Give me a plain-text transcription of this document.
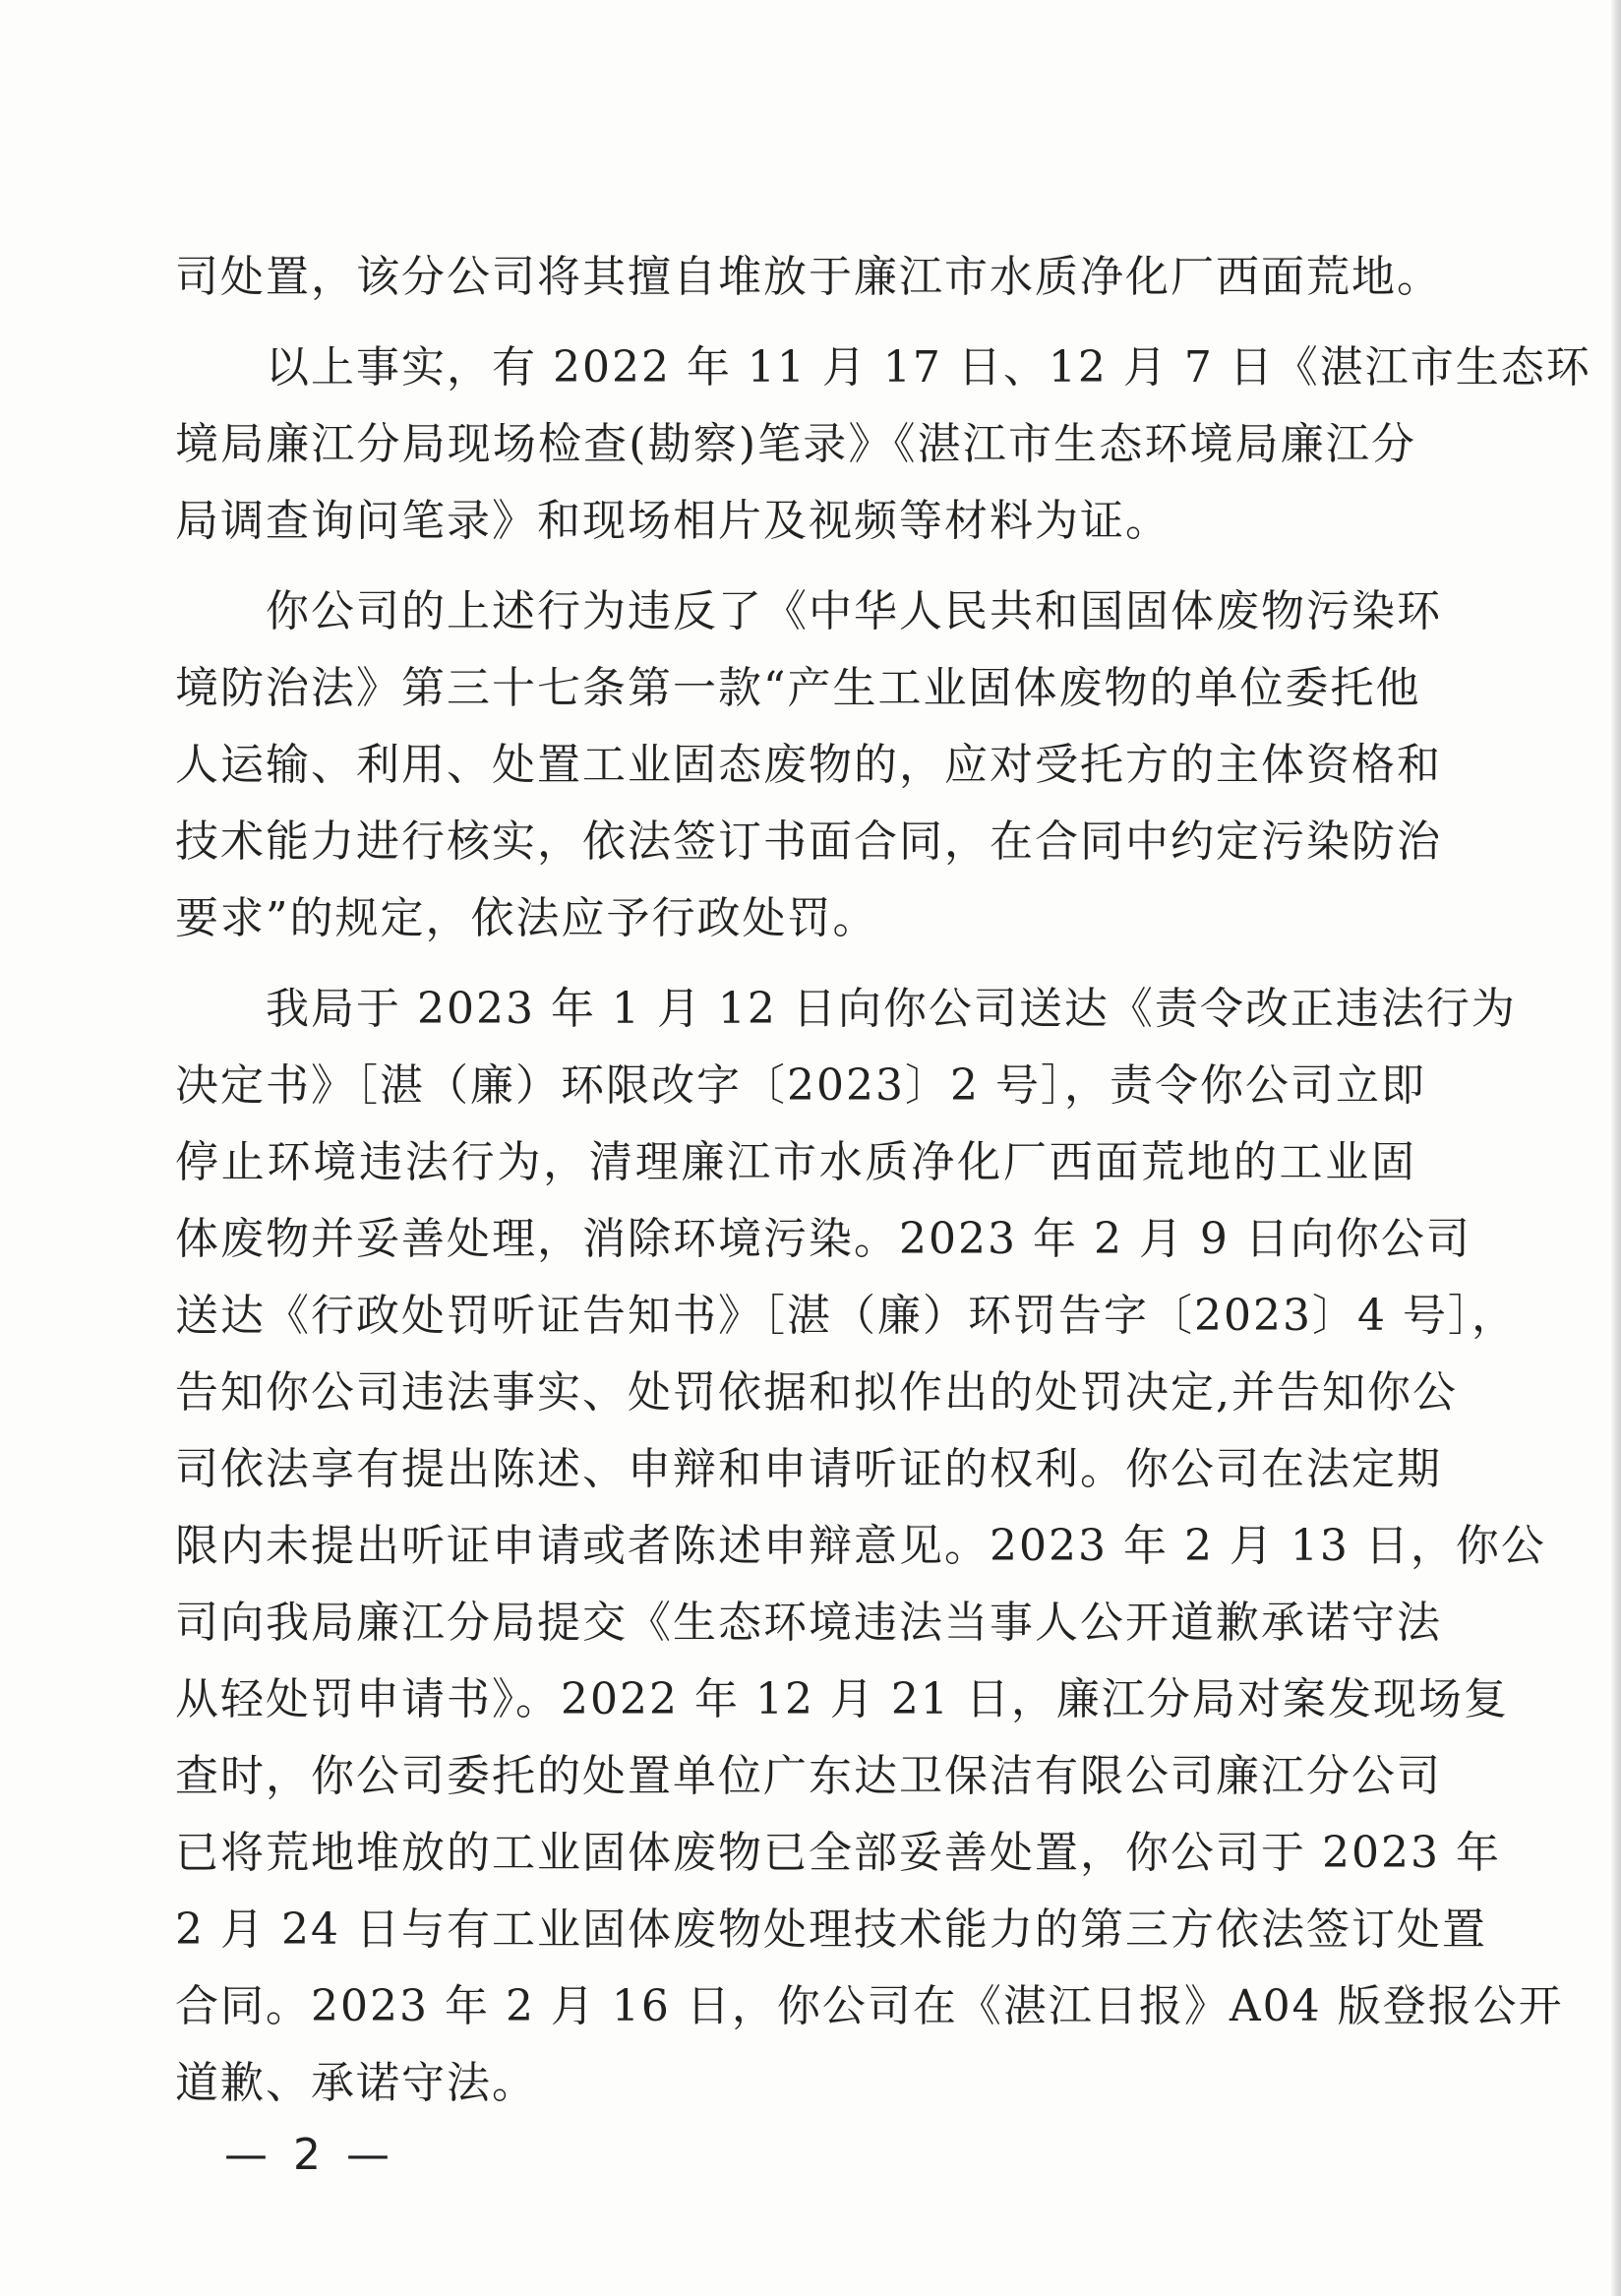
司处置，该分公司将其擅自堆放于廉江市水质净化厂西面荒地。
　　以上事实，有 2022 年 11 月 17 日、12 月 7 日《湛江市生态环
境局廉江分局现场检查(勘察)笔录》《湛江市生态环境局廉江分
局调查询问笔录》和现场相片及视频等材料为证。
　　你公司的上述行为违反了《中华人民共和国固体废物污染环
境防治法》第三十七条第一款“产生工业固体废物的单位委托他
人运输、利用、处置工业固态废物的，应对受托方的主体资格和
技术能力进行核实，依法签订书面合同，在合同中约定污染防治
要求”的规定，依法应予行政处罚。
　　我局于 2023 年 1 月 12 日向你公司送达《责令改正违法行为
决定书》［湛（廉）环限改字〔2023〕2 号］，责令你公司立即
停止环境违法行为，清理廉江市水质净化厂西面荒地的工业固
体废物并妥善处理，消除环境污染。2023 年 2 月 9 日向你公司
送达《行政处罚听证告知书》［湛（廉）环罚告字〔2023〕4 号］，
告知你公司违法事实、处罚依据和拟作出的处罚决定,并告知你公
司依法享有提出陈述、申辩和申请听证的权利。你公司在法定期
限内未提出听证申请或者陈述申辩意见。2023 年 2 月 13 日，你公
司向我局廉江分局提交《生态环境违法当事人公开道歉承诺守法
从轻处罚申请书》。2022 年 12 月 21 日，廉江分局对案发现场复
查时，你公司委托的处置单位广东达卫保洁有限公司廉江分公司
已将荒地堆放的工业固体废物已全部妥善处置，你公司于 2023 年
2 月 24 日与有工业固体废物处理技术能力的第三方依法签订处置
合同。2023 年 2 月 16 日，你公司在《湛江日报》A04 版登报公开
道歉、承诺守法。
— 2 —
